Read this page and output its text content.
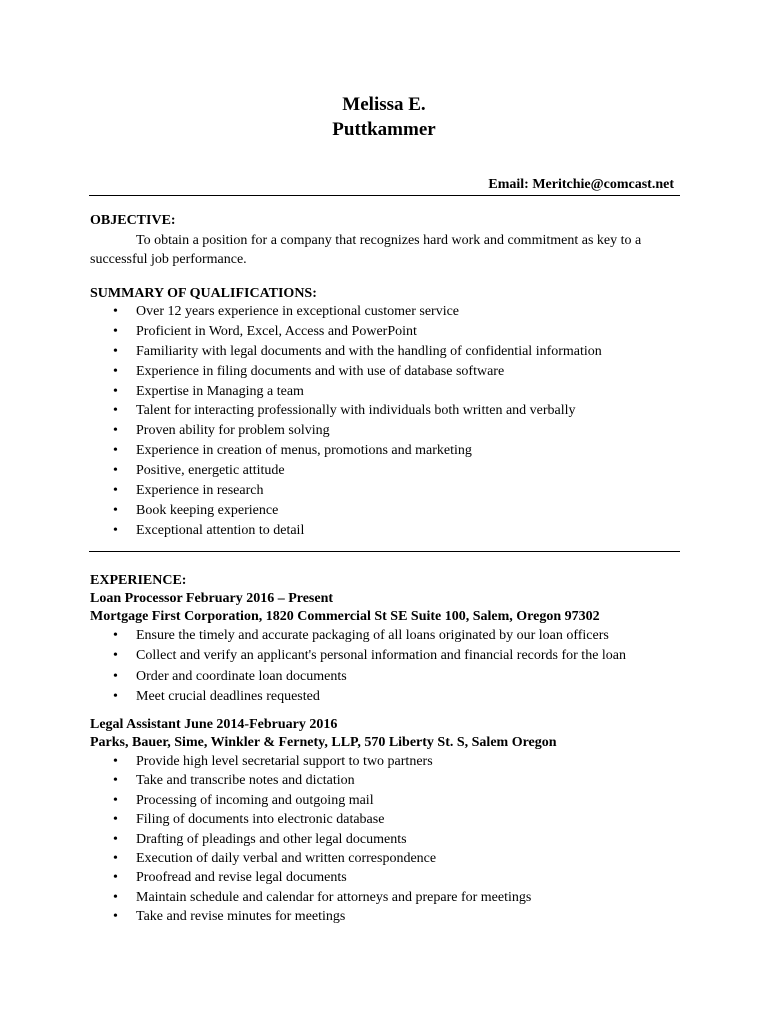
Melissa E.
Puttkammer
Email: Meritchie@comcast.net
OBJECTIVE:
To obtain a position for a company that recognizes hard work and commitment as key to a successful job performance.
SUMMARY OF QUALIFICATIONS:
• Over 12 years experience in exceptional customer service
• Proficient in Word, Excel, Access and PowerPoint
• Familiarity with legal documents and with the handling of confidential information
• Experience in filing documents and with use of database software
• Expertise in Managing a team
• Talent for interacting professionally with individuals both written and verbally
• Proven ability for problem solving
• Experience in creation of menus, promotions and marketing
• Positive, energetic attitude
• Experience in research
• Book keeping experience
• Exceptional attention to detail
EXPERIENCE:
Loan Processor February 2016 – Present
Mortgage First Corporation, 1820 Commercial St SE Suite 100, Salem, Oregon 97302
• Ensure the timely and accurate packaging of all loans originated by our loan officers
• Collect and verify an applicant's personal information and financial records for the loan
• Order and coordinate loan documents
• Meet crucial deadlines requested
Legal Assistant June 2014-February 2016
Parks, Bauer, Sime, Winkler & Fernety, LLP, 570 Liberty St. S, Salem Oregon
• Provide high level secretarial support to two partners
• Take and transcribe notes and dictation
• Processing of incoming and outgoing mail
• Filing of documents into electronic database
• Drafting of pleadings and other legal documents
• Execution of daily verbal and written correspondence
• Proofread and revise legal documents
• Maintain schedule and calendar for attorneys and prepare for meetings
• Take and revise minutes for meetings
